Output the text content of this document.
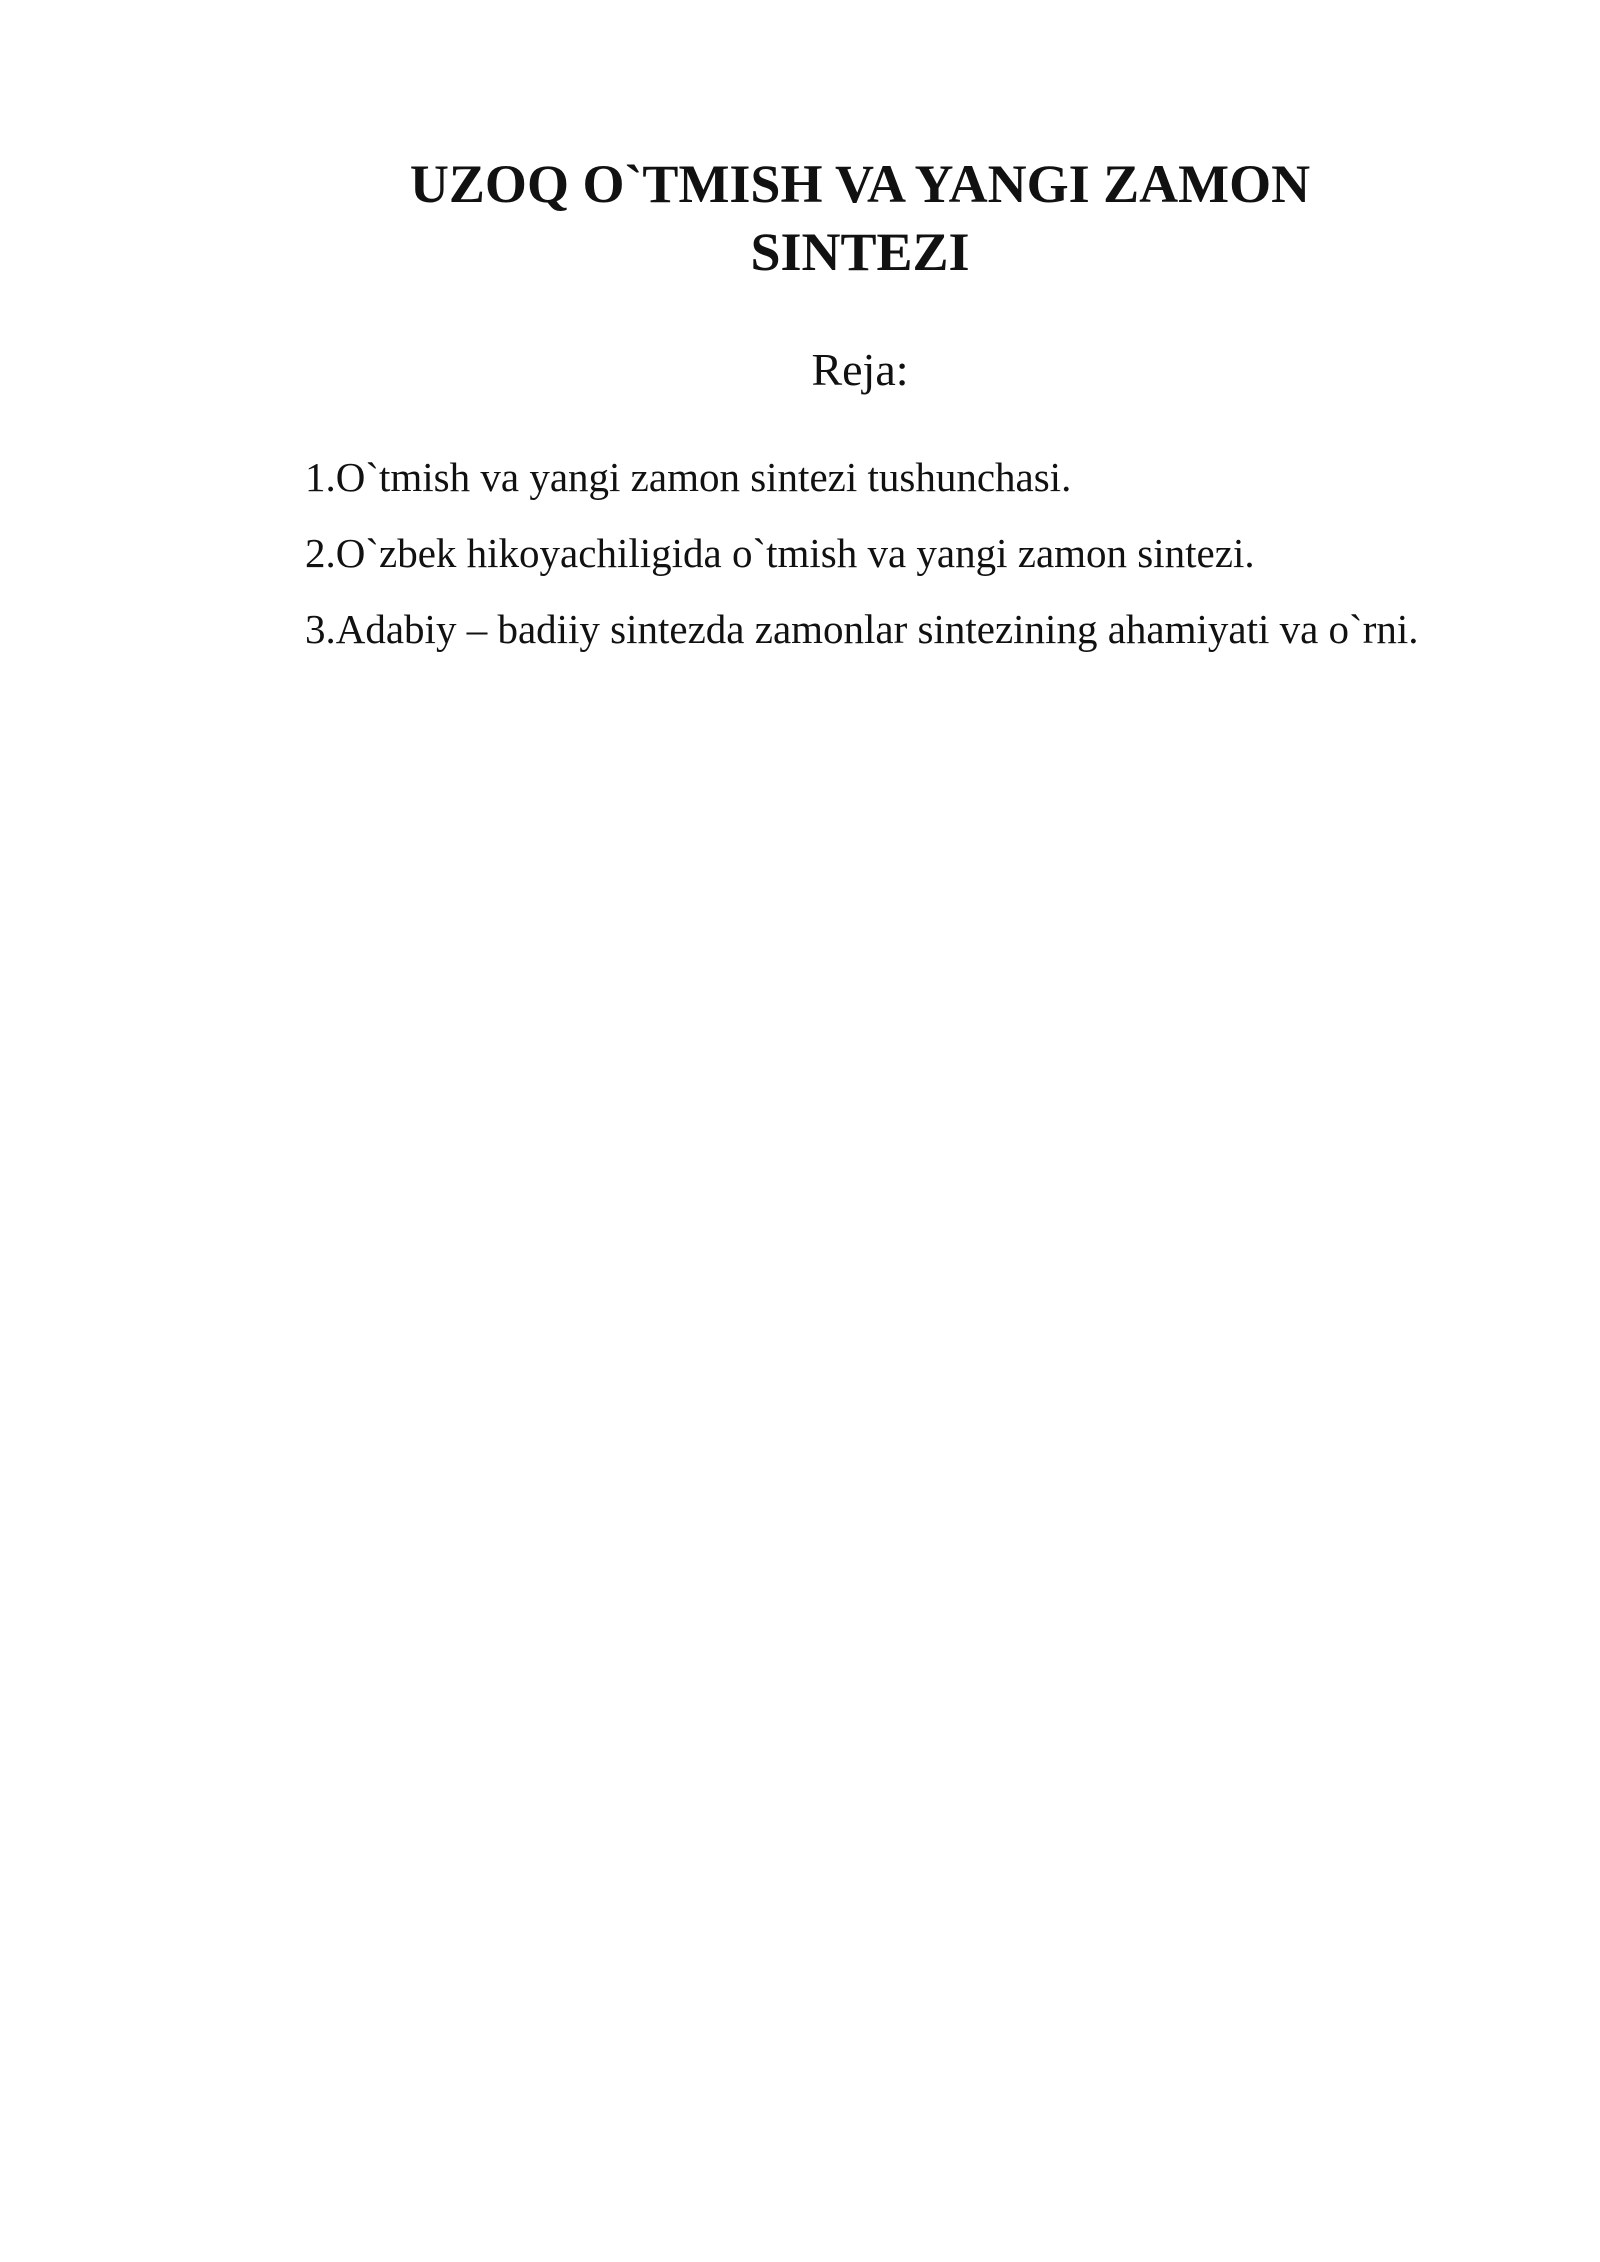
UZOQ O`TMISH VA YANGI ZAMON
SINTEZI
Reja:
1.O`tmish va yangi zamon sintezi tushunchasi.
2.O`zbek hikoyachiligida o`tmish va yangi zamon sintezi.
3.Adabiy – badiiy sintezda zamonlar sintezining ahamiyati va o`rni.
